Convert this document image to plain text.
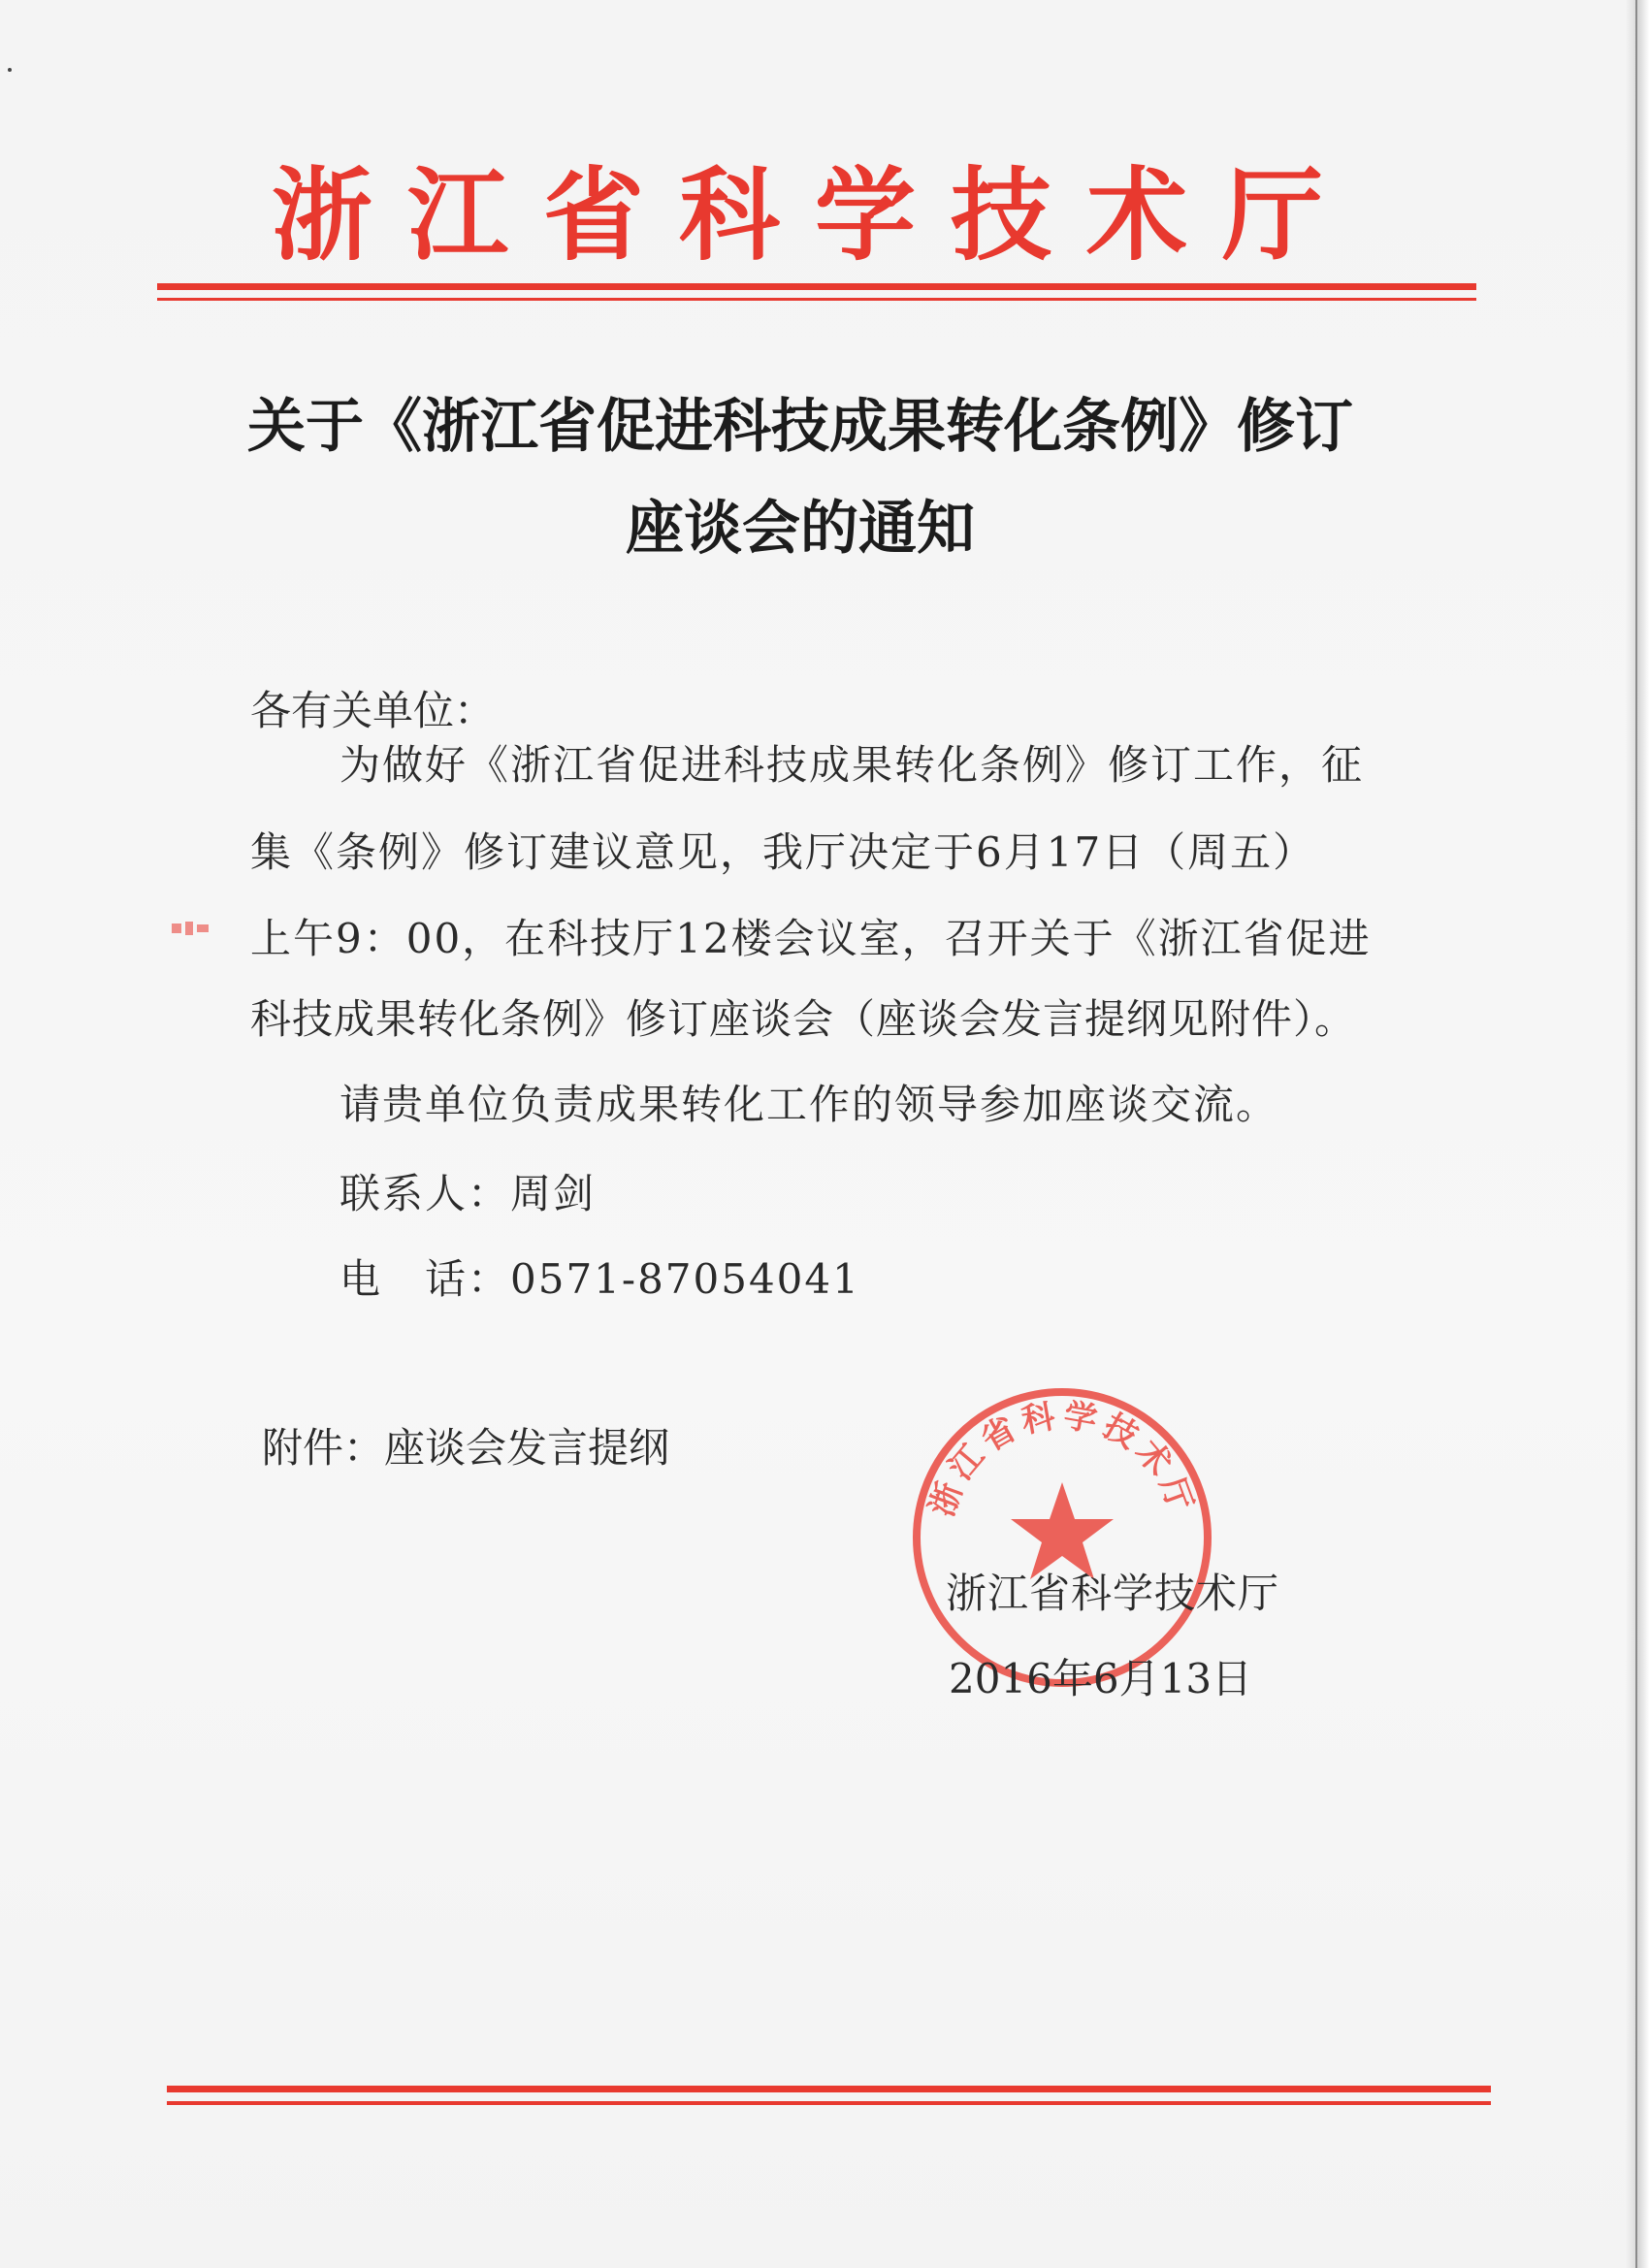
浙江省科学技术厅
关于《浙江省促进科技成果转化条例》修订
座谈会的通知
各有关单位：
为做好《浙江省促进科技成果转化条例》修订工作，征
集《条例》修订建议意见，我厅决定于6月17日（周五）
上午9：00，在科技厅12楼会议室，召开关于《浙江省促进
科技成果转化条例》修订座谈会（座谈会发言提纲见附件）。
请贵单位负责成果转化工作的领导参加座谈交流。
联系人：周剑
电　话：0571-87054041
附件：座谈会发言提纲
浙江省科学技术厅
浙江省科学技术厅
2016年6月13日
